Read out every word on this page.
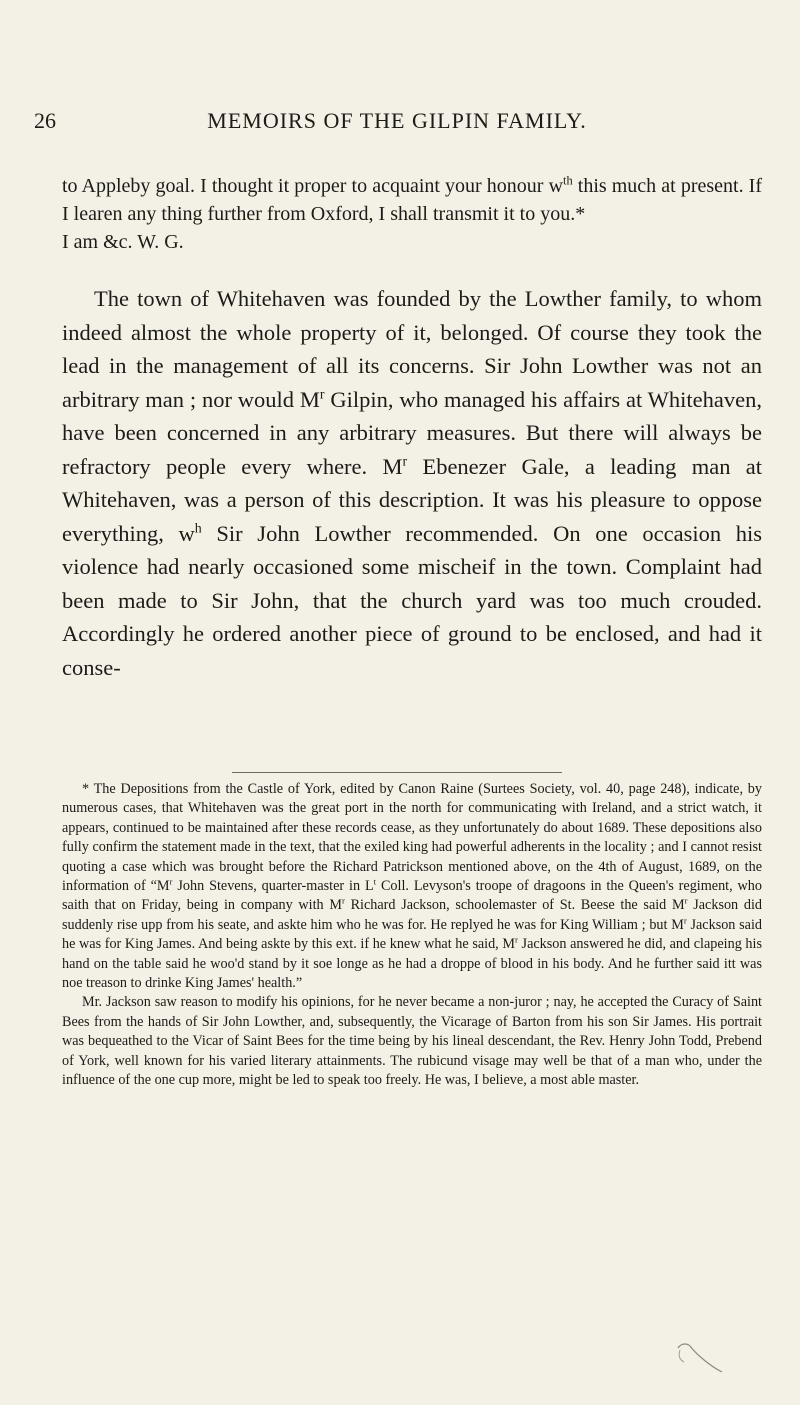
26	MEMOIRS OF THE GILPIN FAMILY.

to Appleby goal. I thought it proper to acquaint your honour $w^{th}$ this much at present. If I learen any thing further from Oxford, I shall transmit it to you.*

I am &c. W. G.

The town of Whitehaven was founded by the Lowther family, to whom indeed almost the whole property of it, belonged. Of course they took the lead in the management of all its concerns. Sir John Lowther was not an arbitrary man ; nor would $M^r$ Gilpin, who managed his affairs at Whitehaven, have been concerned in any arbitrary measures. But there will always be refractory people every where. $M^r$ Ebenezer Gale, a leading man at Whitehaven, was a person of this description. It was his pleasure to oppose everything, $w^h$ Sir John Lowther recommended. On one occasion his violence had nearly occasioned some mischeif in the town. Complaint had been made to Sir John, that the church yard was too much crouded. Accordingly he ordered another piece of ground to be enclosed, and had it conse-

* The Depositions from the Castle of York, edited by Canon Raine (Surtees Society, vol. 40, page 248), indicate, by numerous cases, that Whitehaven was the great port in the north for communicating with Ireland, and a strict watch, it appears, continued to be maintained after these records cease, as they unfortunately do about 1689. These depositions also fully confirm the statement made in the text, that the exiled king had powerful adherents in the locality ; and I cannot resist quoting a case which was brought before the Richard Patrickson mentioned above, on the 4th of August, 1689, on the information of “$M^r$ John Stevens, quarter-master in $L^t$ Coll. Levyson's troope of dragoons in the Queen's regiment, who saith that on Friday, being in company with $M^r$ Richard Jackson, schoolemaster of St. Beese the said $M^r$ Jackson did suddenly rise upp from his seate, and askte him who he was for. He replyed he was for King William ; but $M^r$ Jackson said he was for King James. And being askte by this ext. if he knew what he said, $M^r$ Jackson answered he did, and clapeing his hand on the table said he woo'd stand by it soe longe as he had a droppe of blood in his body. And he further said itt was noe treason to drinke King James' health.”

Mr. Jackson saw reason to modify his opinions, for he never became a non-juror ; nay, he accepted the Curacy of Saint Bees from the hands of Sir John Lowther, and, subsequently, the Vicarage of Barton from his son Sir James. His portrait was bequeathed to the Vicar of Saint Bees for the time being by his lineal descendant, the Rev. Henry John Todd, Prebend of York, well known for his varied literary attainments. The rubicund visage may well be that of a man who, under the influence of the one cup more, might be led to speak too freely. He was, I believe, a most able master.
